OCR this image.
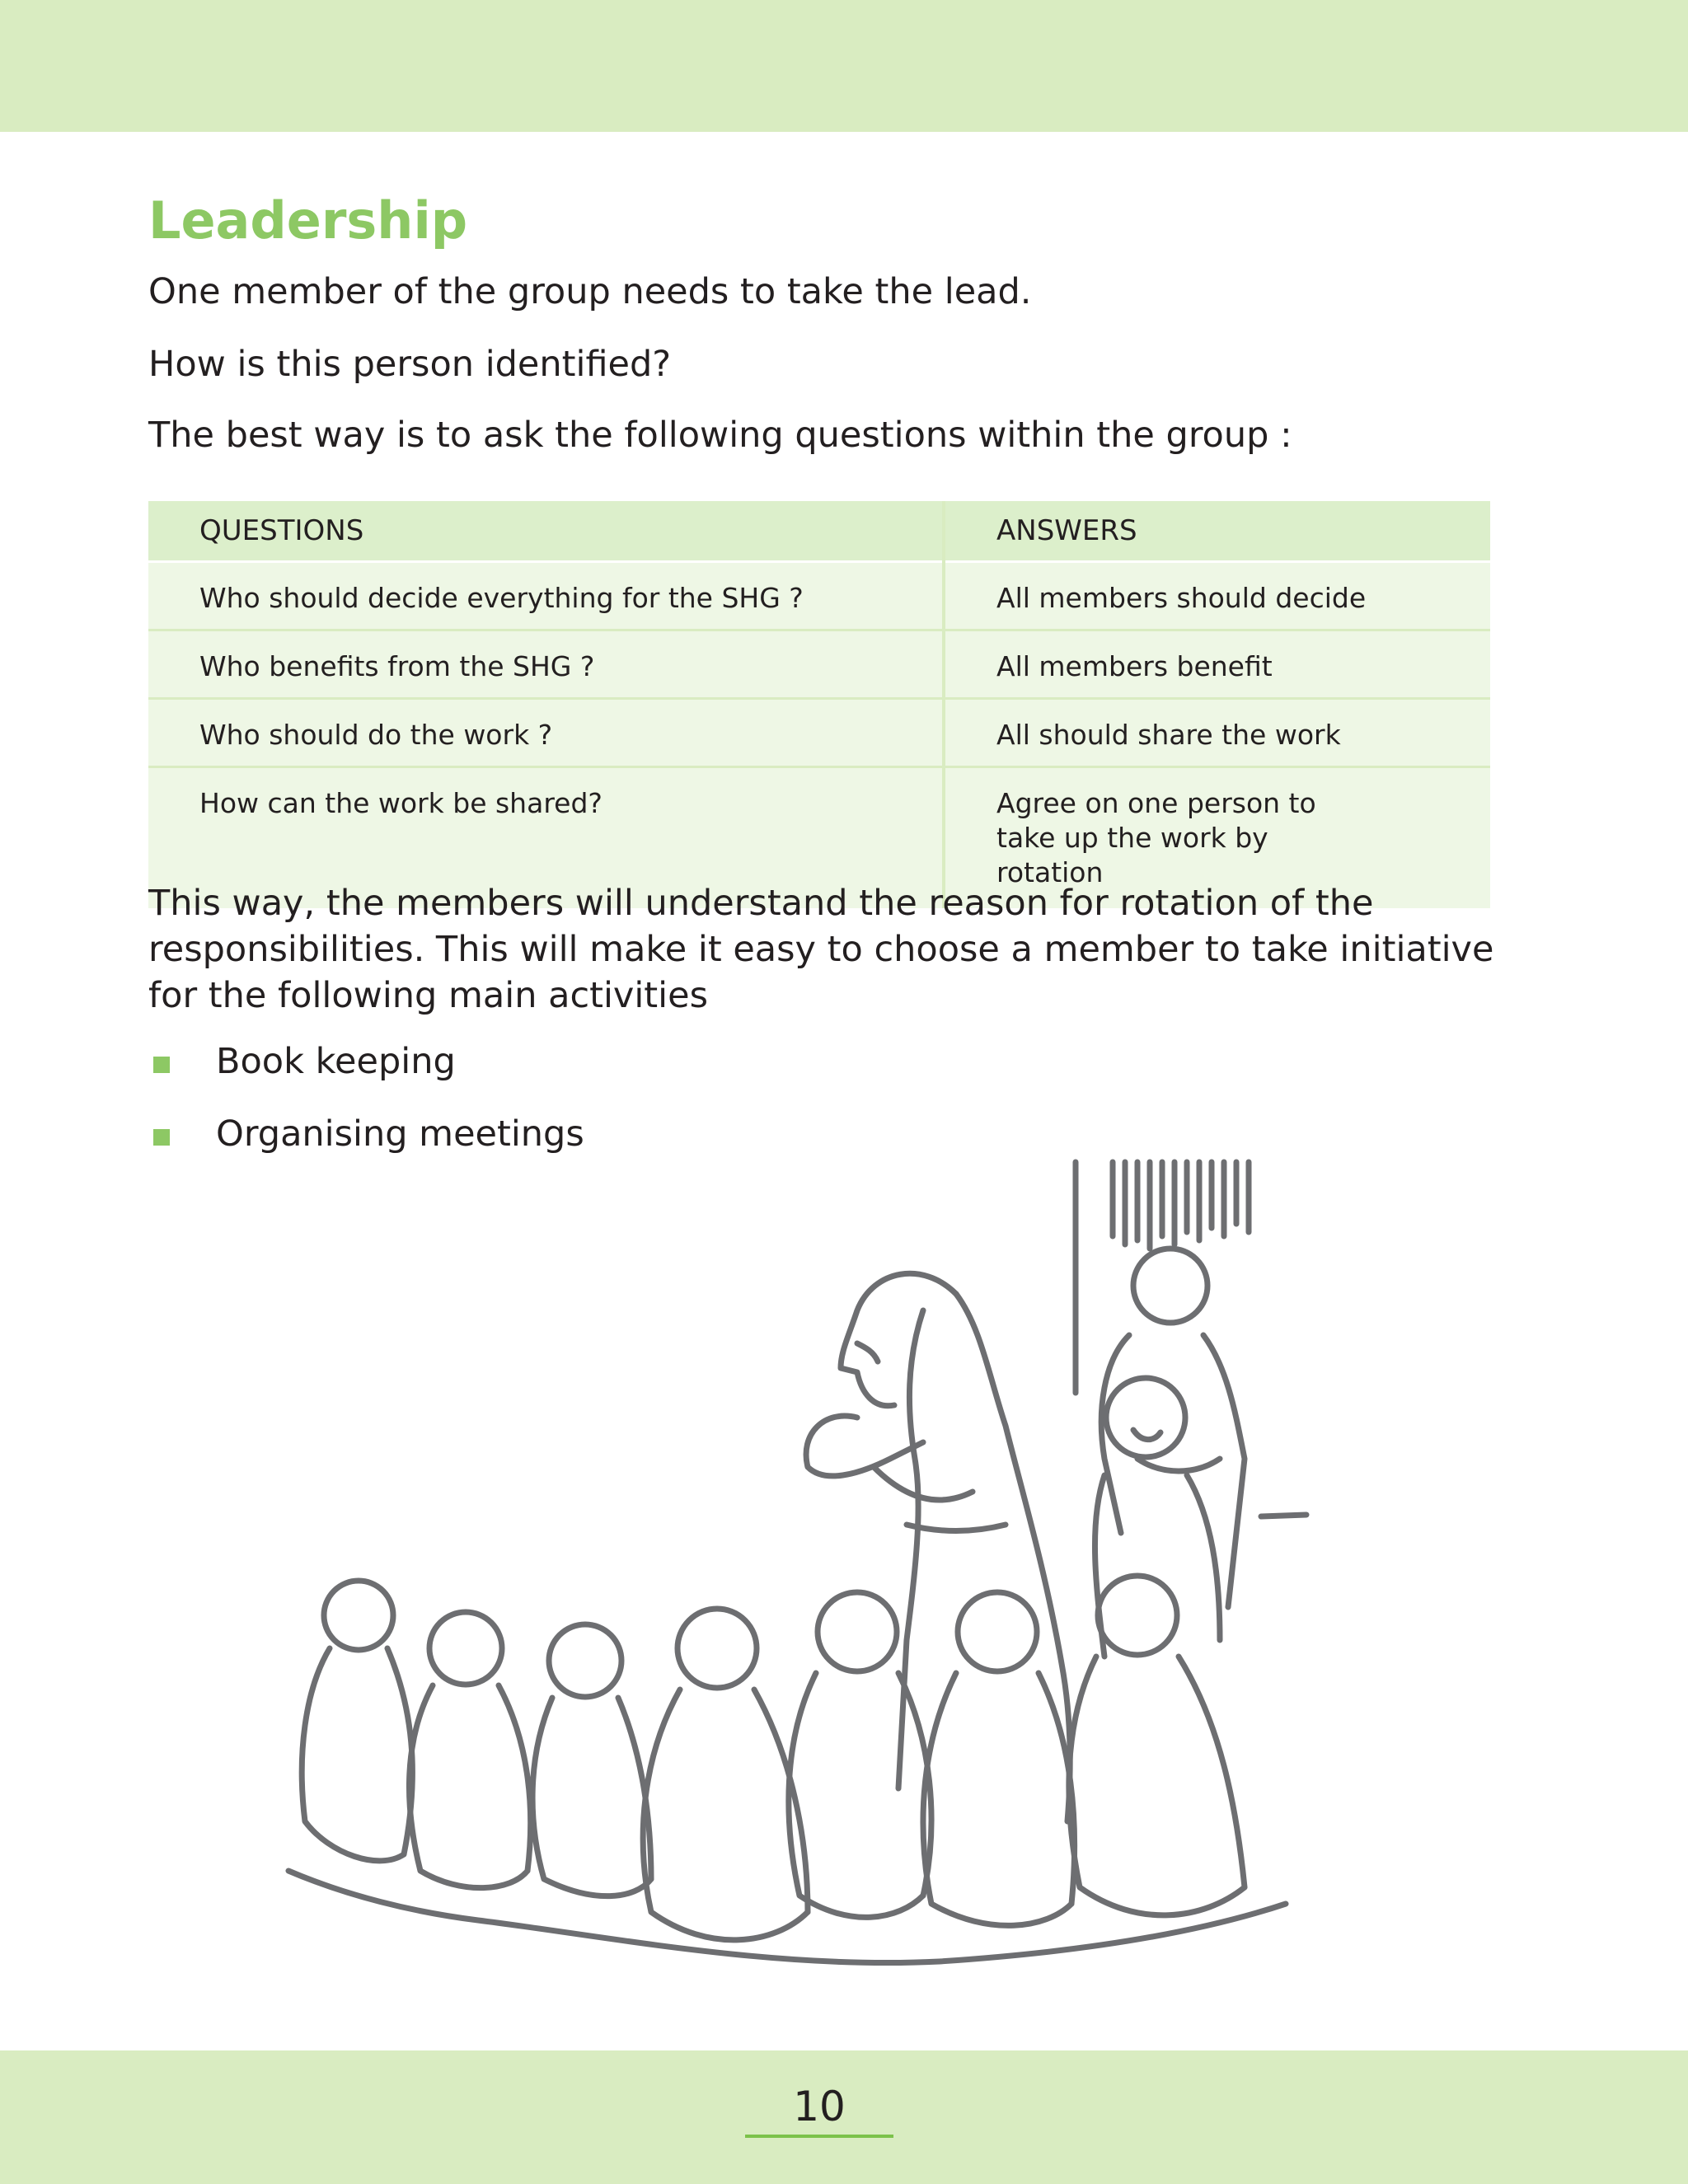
Leadership

One member of the group needs to take the lead.

How is this person identified?

The best way is to ask the following questions within the group :

QUESTIONS	ANSWERS
Who should decide everything for the SHG ?	All members should decide
Who benefits from the SHG ?	All members benefit
Who should do the work ?	All should share the work
How can the work be shared?	Agree on one person to take up the work by rotation

This way, the members will understand the reason for rotation of the responsibilities. This will make it easy to choose a member to take initiative for the following main activities

Book keeping
Organising meetings
10
